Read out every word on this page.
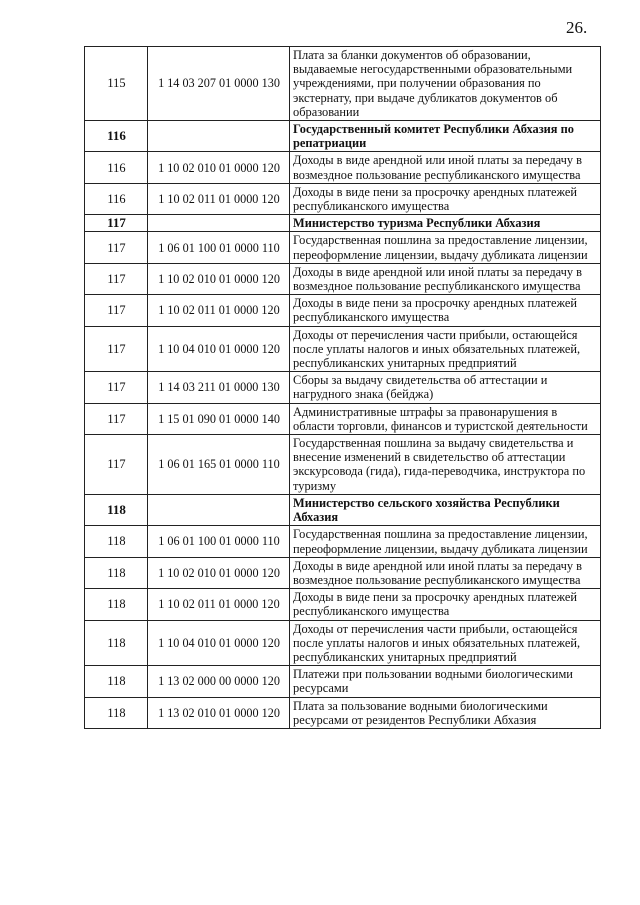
26.
115	1 14 03 207 01 0000 130	Плата за бланки документов об образовании, выдаваемые негосударственными образовательными учреждениями, при получении образования по экстернату, при выдаче дубликатов документов об образовании
116		Государственный комитет Республики Абхазия по репатриации
116	1 10 02 010 01 0000 120	Доходы в виде арендной или иной платы за передачу в возмездное пользование республиканского имущества
116	1 10 02 011 01 0000 120	Доходы в виде пени за просрочку арендных платежей республиканского имущества
117		Министерство туризма Республики Абхазия
117	1 06 01 100 01 0000 110	Государственная пошлина за предоставление лицензии, переоформление лицензии, выдачу дубликата лицензии
117	1 10 02 010 01 0000 120	Доходы в виде арендной или иной платы за передачу в возмездное пользование республиканского имущества
117	1 10 02 011 01 0000 120	Доходы в виде пени за просрочку арендных платежей республиканского имущества
117	1 10 04 010 01 0000 120	Доходы от перечисления части прибыли, остающейся после уплаты налогов и иных обязательных платежей, республиканских унитарных предприятий
117	1 14 03 211 01 0000 130	Сборы за выдачу свидетельства об аттестации и нагрудного знака (бейджа)
117	1 15 01 090 01 0000 140	Административные штрафы за правонарушения в области торговли, финансов и туристской деятельности
117	1 06 01 165 01 0000 110	Государственная пошлина за выдачу свидетельства и внесение изменений в свидетельство об аттестации экскурсовода (гида), гида-переводчика, инструктора по туризму
118		Министерство сельского хозяйства Республики Абхазия
118	1 06 01 100 01 0000 110	Государственная пошлина за предоставление лицензии, переоформление лицензии, выдачу дубликата лицензии
118	1 10 02 010 01 0000 120	Доходы в виде арендной или иной платы за передачу в возмездное пользование республиканского имущества
118	1 10 02 011 01 0000 120	Доходы в виде пени за просрочку арендных платежей республиканского имущества
118	1 10 04 010 01 0000 120	Доходы от перечисления части прибыли, остающейся после уплаты налогов и иных обязательных платежей, республиканских унитарных предприятий
118	1 13 02 000 00 0000 120	Платежи при пользовании водными биологическими ресурсами
118	1 13 02 010 01 0000 120	Плата за пользование водными биологическими ресурсами от резидентов Республики Абхазия
